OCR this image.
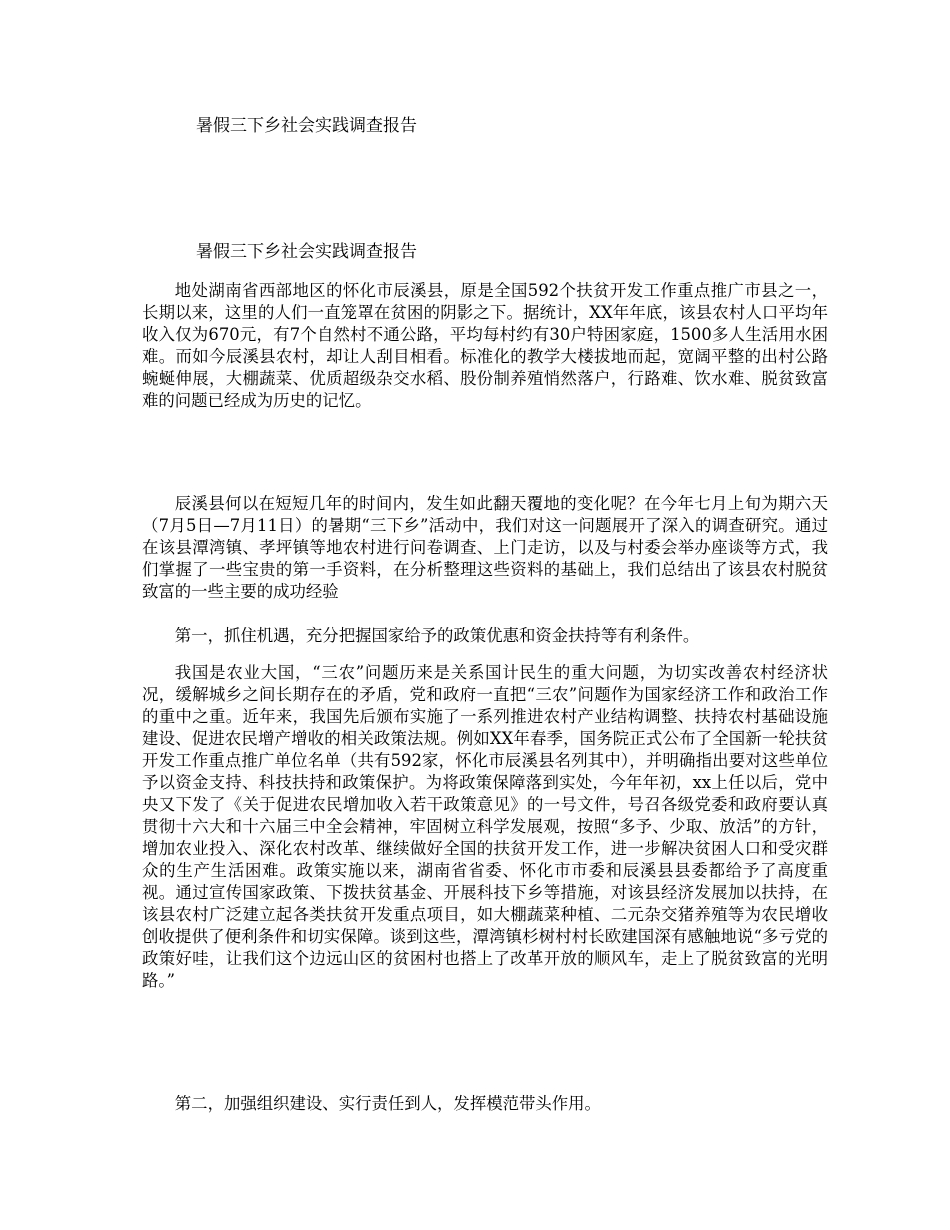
暑假三下乡社会实践调查报告
暑假三下乡社会实践调查报告

地处湖南省西部地区的怀化市辰溪县，原是全国592个扶贫开发工作重点推广市县之一，长期以来，这里的人们一直笼罩在贫困的阴影之下。据统计，XX年年底，该县农村人口平均年收入仅为670元，有7个自然村不通公路，平均每村约有30户特困家庭，1500多人生活用水困难。而如今辰溪县农村，却让人刮目相看。标准化的教学大楼拔地而起，宽阔平整的出村公路蜿蜒伸展，大棚蔬菜、优质超级杂交水稻、股份制养殖悄然落户，行路难、饮水难、脱贫致富难的问题已经成为历史的记忆。

辰溪县何以在短短几年的时间内，发生如此翻天覆地的变化呢？在今年七月上旬为期六天（7月5日—7月11日）的暑期“三下乡”活动中，我们对这一问题展开了深入的调查研究。通过在该县潭湾镇、孝坪镇等地农村进行问卷调查、上门走访，以及与村委会举办座谈等方式，我们掌握了一些宝贵的第一手资料，在分析整理这些资料的基础上，我们总结出了该县农村脱贫致富的一些主要的成功经验

第一，抓住机遇，充分把握国家给予的政策优惠和资金扶持等有利条件。

我国是农业大国，“三农”问题历来是关系国计民生的重大问题，为切实改善农村经济状况，缓解城乡之间长期存在的矛盾，党和政府一直把“三农”问题作为国家经济工作和政治工作的重中之重。近年来，我国先后颁布实施了一系列推进农村产业结构调整、扶持农村基础设施建设、促进农民增产增收的相关政策法规。例如XX年春季，国务院正式公布了全国新一轮扶贫开发工作重点推广单位名单（共有592家，怀化市辰溪县名列其中），并明确指出要对这些单位予以资金支持、科技扶持和政策保护。为将政策保障落到实处，今年年初，xx上任以后，党中央又下发了《关于促进农民增加收入若干政策意见》的一号文件，号召各级党委和政府要认真贯彻十六大和十六届三中全会精神，牢固树立科学发展观，按照“多予、少取、放活”的方针，增加农业投入、深化农村改革、继续做好全国的扶贫开发工作，进一步解决贫困人口和受灾群众的生产生活困难。政策实施以来，湖南省省委、怀化市市委和辰溪县县委都给予了高度重视。通过宣传国家政策、下拨扶贫基金、开展科技下乡等措施，对该县经济发展加以扶持，在该县农村广泛建立起各类扶贫开发重点项目，如大棚蔬菜种植、二元杂交猪养殖等为农民增收创收提供了便利条件和切实保障。谈到这些，潭湾镇杉树村村长欧建国深有感触地说“多亏党的政策好哇，让我们这个边远山区的贫困村也搭上了改革开放的顺风车，走上了脱贫致富的光明路。”

第二，加强组织建设、实行责任到人，发挥模范带头作用。
